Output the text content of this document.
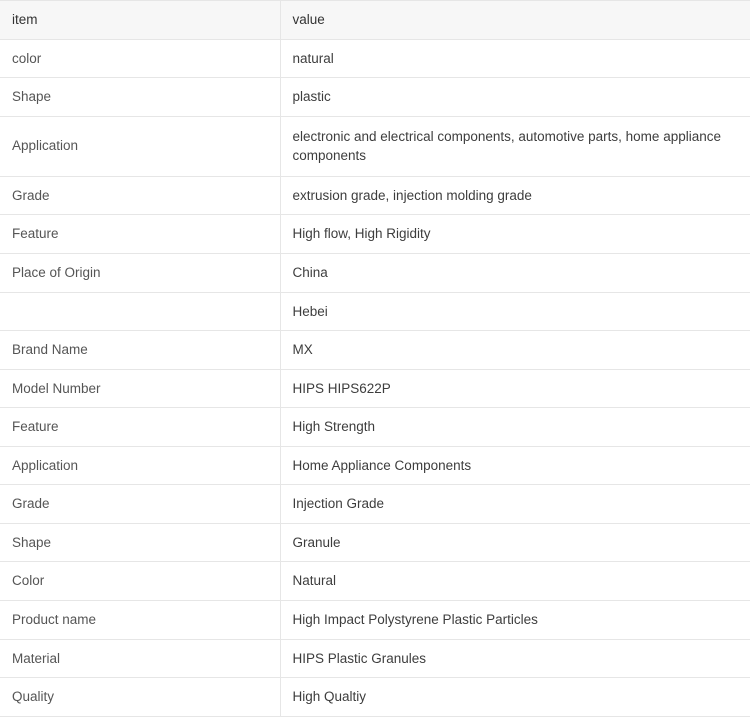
item	value
color	natural
Shape	plastic
Application	electronic and electrical components, automotive parts, home appliance components
Grade	extrusion grade, injection molding grade
Feature	High flow, High Rigidity
Place of Origin	China
	Hebei
Brand Name	MX
Model Number	HIPS HIPS622P
Feature	High Strength
Application	Home Appliance Components
Grade	Injection Grade
Shape	Granule
Color	Natural
Product name	High Impact Polystyrene Plastic Particles
Material	HIPS Plastic Granules
Quality	High Qualtiy
